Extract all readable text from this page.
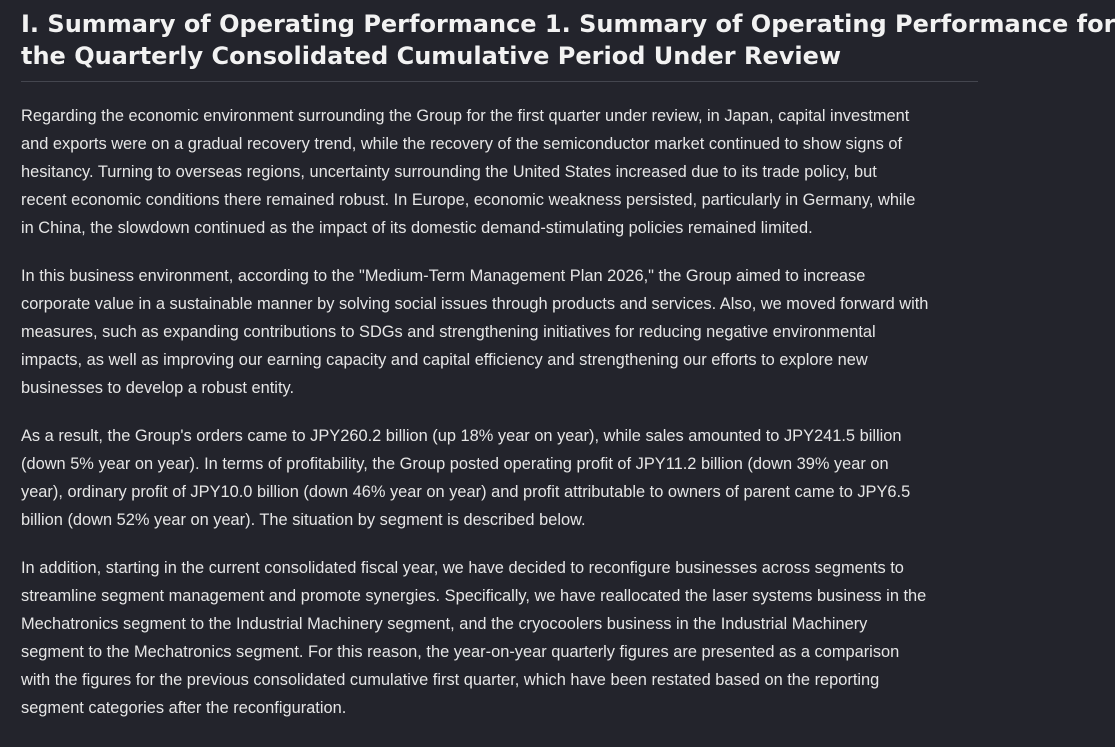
I. Summary of Operating Performance 1. Summary of Operating Performance for
the Quarterly Consolidated Cumulative Period Under Review

Regarding the economic environment surrounding the Group for the first quarter under review, in Japan, capital investment
and exports were on a gradual recovery trend, while the recovery of the semiconductor market continued to show signs of
hesitancy. Turning to overseas regions, uncertainty surrounding the United States increased due to its trade policy, but
recent economic conditions there remained robust. In Europe, economic weakness persisted, particularly in Germany, while
in China, the slowdown continued as the impact of its domestic demand-stimulating policies remained limited.

In this business environment, according to the "Medium-Term Management Plan 2026," the Group aimed to increase
corporate value in a sustainable manner by solving social issues through products and services. Also, we moved forward with
measures, such as expanding contributions to SDGs and strengthening initiatives for reducing negative environmental
impacts, as well as improving our earning capacity and capital efficiency and strengthening our efforts to explore new
businesses to develop a robust entity.

As a result, the Group's orders came to JPY260.2 billion (up 18% year on year), while sales amounted to JPY241.5 billion
(down 5% year on year). In terms of profitability, the Group posted operating profit of JPY11.2 billion (down 39% year on
year), ordinary profit of JPY10.0 billion (down 46% year on year) and profit attributable to owners of parent came to JPY6.5
billion (down 52% year on year). The situation by segment is described below.

In addition, starting in the current consolidated fiscal year, we have decided to reconfigure businesses across segments to
streamline segment management and promote synergies. Specifically, we have reallocated the laser systems business in the
Mechatronics segment to the Industrial Machinery segment, and the cryocoolers business in the Industrial Machinery
segment to the Mechatronics segment. For this reason, the year-on-year quarterly figures are presented as a comparison
with the figures for the previous consolidated cumulative first quarter, which have been restated based on the reporting
segment categories after the reconfiguration.
